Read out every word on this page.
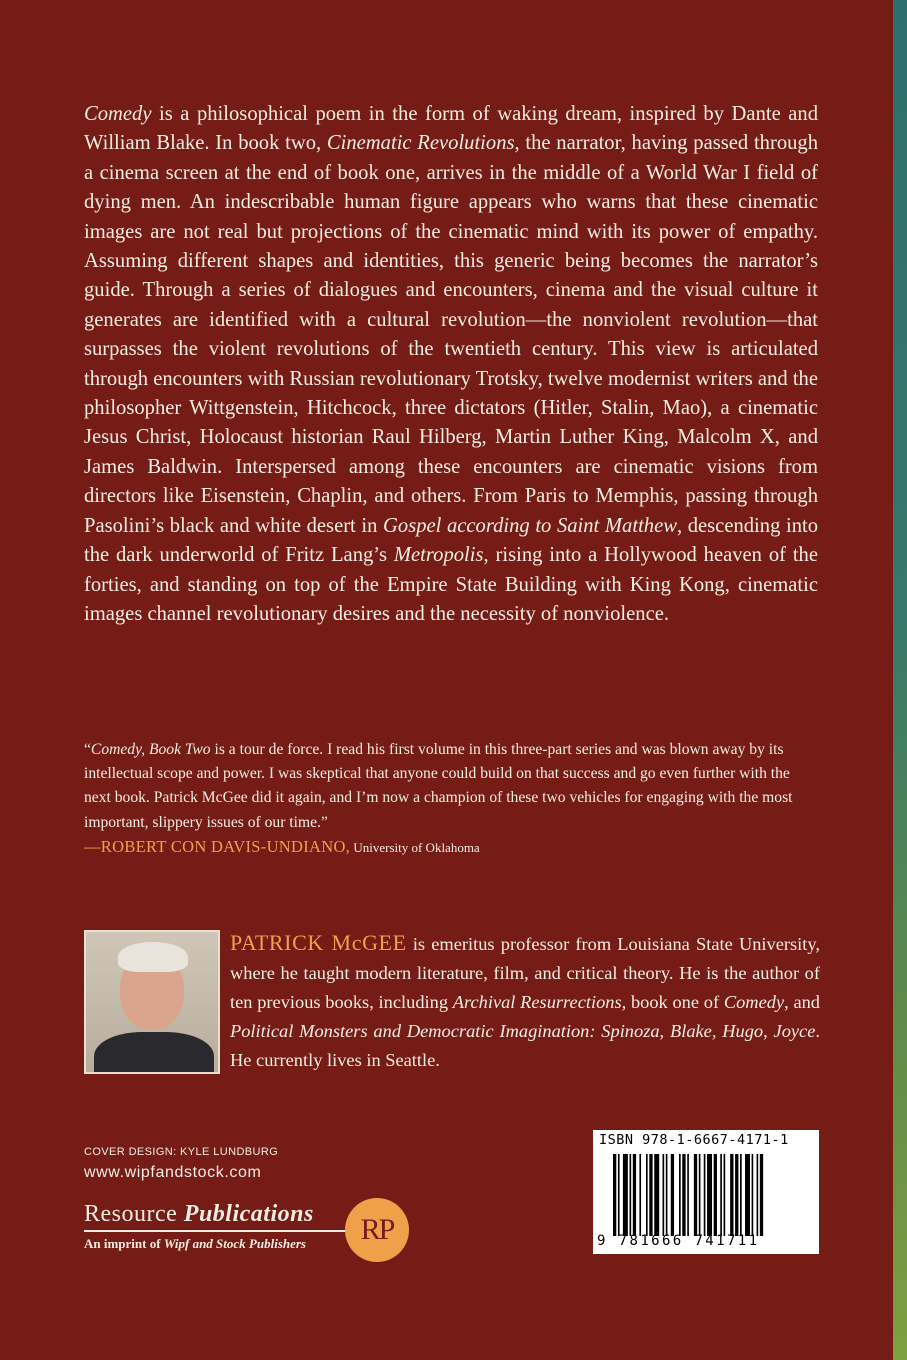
Comedy is a philosophical poem in the form of waking dream, inspired by Dante and William Blake. In book two, Cinematic Revolutions, the narrator, having passed through a cinema screen at the end of book one, arrives in the middle of a World War I field of dying men. An indescribable human figure appears who warns that these cinematic images are not real but projections of the cinematic mind with its power of empathy. Assuming different shapes and identities, this generic being becomes the narrator’s guide. Through a series of dialogues and encounters, cinema and the visual culture it generates are identified with a cultural revolution—the nonviolent revolution—that surpasses the violent revolutions of the twentieth century. This view is articulated through encounters with Russian revolutionary Trotsky, twelve modernist writers and the philosopher Wittgenstein, Hitchcock, three dictators (Hitler, Stalin, Mao), a cinematic Jesus Christ, Holocaust historian Raul Hilberg, Martin Luther King, Malcolm X, and James Baldwin. Interspersed among these encounters are cinematic visions from directors like Eisenstein, Chaplin, and others. From Paris to Memphis, passing through Pasolini’s black and white desert in Gospel according to Saint Matthew, descending into the dark underworld of Fritz Lang’s Metropolis, rising into a Hollywood heaven of the forties, and standing on top of the Empire State Building with King Kong, cinematic images channel revolutionary desires and the necessity of nonviolence.

“Comedy, Book Two is a tour de force. I read his first volume in this three-part series and was blown away by its intellectual scope and power. I was skeptical that anyone could build on that success and go even further with the next book. Patrick McGee did it again, and I’m now a champion of these two vehicles for engaging with the most important, slippery issues of our time.”

—ROBERT CON DAVIS-UNDIANO, University of Oklahoma

PATRICK McGEE is emeritus professor from Louisiana State University, where he taught modern literature, film, and critical theory. He is the author of ten previous books, including Archival Resurrections, book one of Comedy, and Political Monsters and Democratic Imagination: Spinoza, Blake, Hugo, Joyce. He currently lives in Seattle.

COVER DESIGN: KYLE LUNDBURG
www.wipfandstock.com
Resource Publications
An imprint of Wipf and Stock Publishers	RP
ISBN 978-1-6667-4171-1
9 781666 741711
